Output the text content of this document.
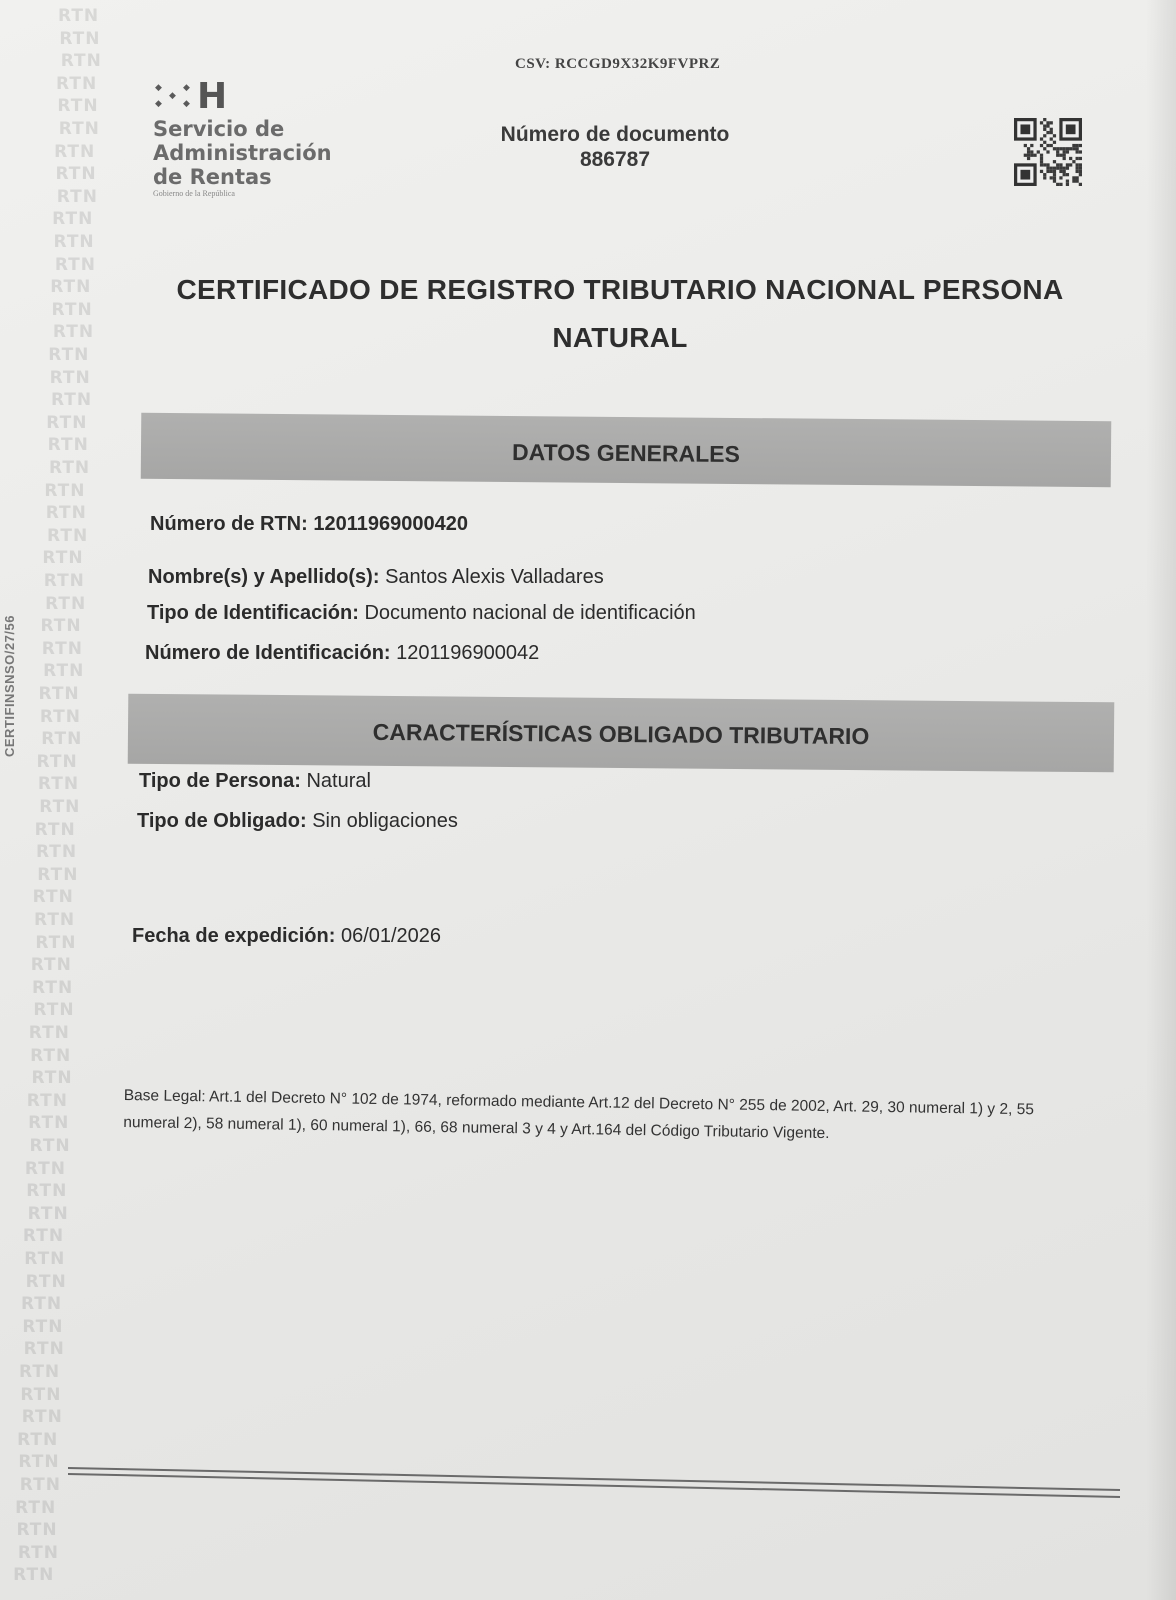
RTN
RTN
RTN
RTN
RTN
RTN
RTN
RTN
RTN
RTN
RTN
RTN
RTN
RTN
RTN
RTN
RTN
RTN
RTN
RTN
RTN
RTN
RTN
RTN
RTN
RTN
RTN
RTN
RTN
RTN
RTN
RTN
RTN
RTN
RTN
RTN
RTN
RTN
RTN
RTN
RTN
RTN
RTN
RTN
RTN
RTN
RTN
RTN
RTN
RTN
RTN
RTN
RTN
RTN
RTN
RTN
RTN
RTN
RTN
RTN
RTN
RTN
RTN
RTN
RTN
RTN
RTN
RTN
RTN
RTN
CERTIFINSNSO/27/56
CSV: RCCGD9X32K9FVPRZ
◆
◆
◆
◆
◆ H
Servicio de
Administración
de Rentas
Gobierno de la República
Número de documento
886787
CERTIFICADO DE REGISTRO TRIBUTARIO NACIONAL PERSONA
NATURAL
DATOS GENERALES
Número de RTN: 12011969000420
Nombre(s) y Apellido(s): Santos Alexis Valladares
Tipo de Identificación: Documento nacional de identificación
Número de Identificación: 1201196900042
CARACTERÍSTICAS OBLIGADO TRIBUTARIO
Tipo de Persona: Natural
Tipo de Obligado: Sin obligaciones
Fecha de expedición: 06/01/2026
Base Legal: Art.1 del Decreto N° 102 de 1974, reformado mediante Art.12 del Decreto N° 255 de 2002, Art. 29, 30 numeral 1) y 2, 55 numeral 2), 58 numeral 1), 60 numeral 1), 66, 68 numeral 3 y 4 y Art.164 del Código Tributario Vigente.
